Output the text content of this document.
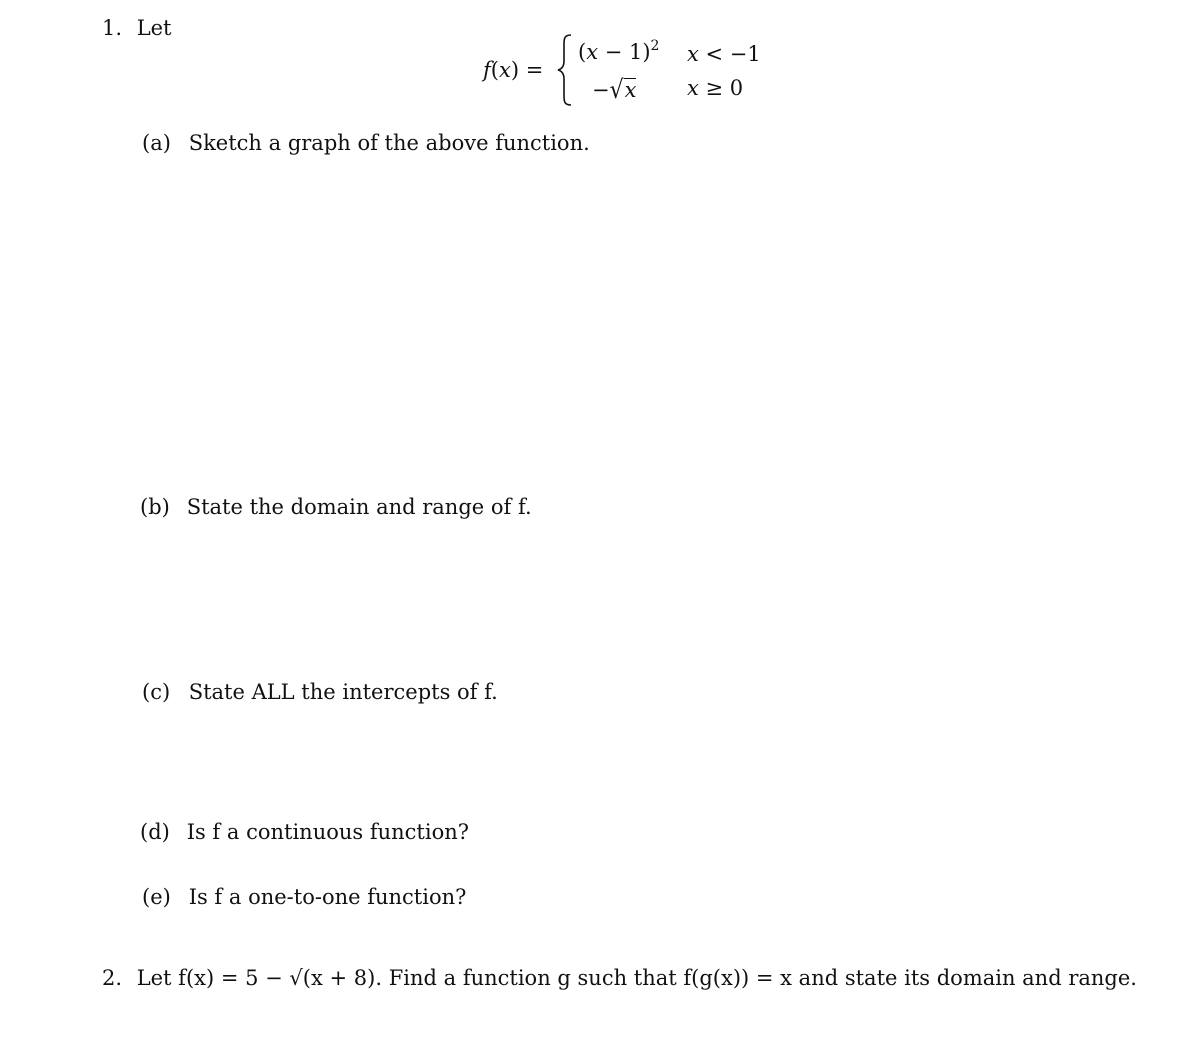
1. Let
f(x) =
$(x - 1)^2$ x < −1
−√x x ≥ 0
(a) Sketch a graph of the above function.
(b) State the domain and range of f.
(c) State ALL the intercepts of f.
(d) Is f a continuous function?
(e) Is f a one-to-one function?
2. Let f(x) = 5 − √(x + 8). Find a function g such that f(g(x)) = x and state its domain and range.
